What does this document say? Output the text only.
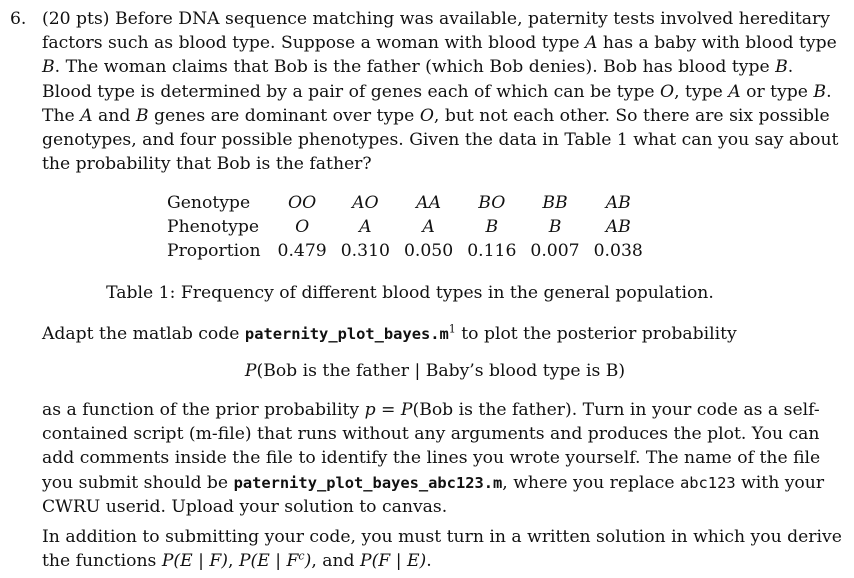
6. (20 pts) Before DNA sequence matching was available, paternity tests involved hereditary
factors such as blood type. Suppose a woman with blood type A has a baby with blood type
B. The woman claims that Bob is the father (which Bob denies). Bob has blood type B.
Blood type is determined by a pair of genes each of which can be type O, type A or type B.
The A and B genes are dominant over type O, but not each other. So there are six possible
genotypes, and four possible phenotypes. Given the data in Table 1 what can you say about
the probability that Bob is the father?
Genotype	OO	AO	AA	BO	BB	AB
Phenotype	O	A	A	B	B	AB
Proportion	0.479	0.310	0.050	0.116	0.007	0.038
Table 1: Frequency of different blood types in the general population.
Adapt the matlab code paternity_plot_bayes.m$^1$ to plot the posterior probability
P(Bob is the father | Baby’s blood type is B)
as a function of the prior probability p = P(Bob is the father). Turn in your code as a self-
contained script (m-file) that runs without any arguments and produces the plot. You can
add comments inside the file to identify the lines you wrote yourself. The name of the file
you submit should be paternity_plot_bayes_abc123.m, where you replace abc123 with your
CWRU userid. Upload your solution to canvas.
In addition to submitting your code, you must turn in a written solution in which you derive
the functions P(E | F), P(E | $F^c$), and P(F | E).
